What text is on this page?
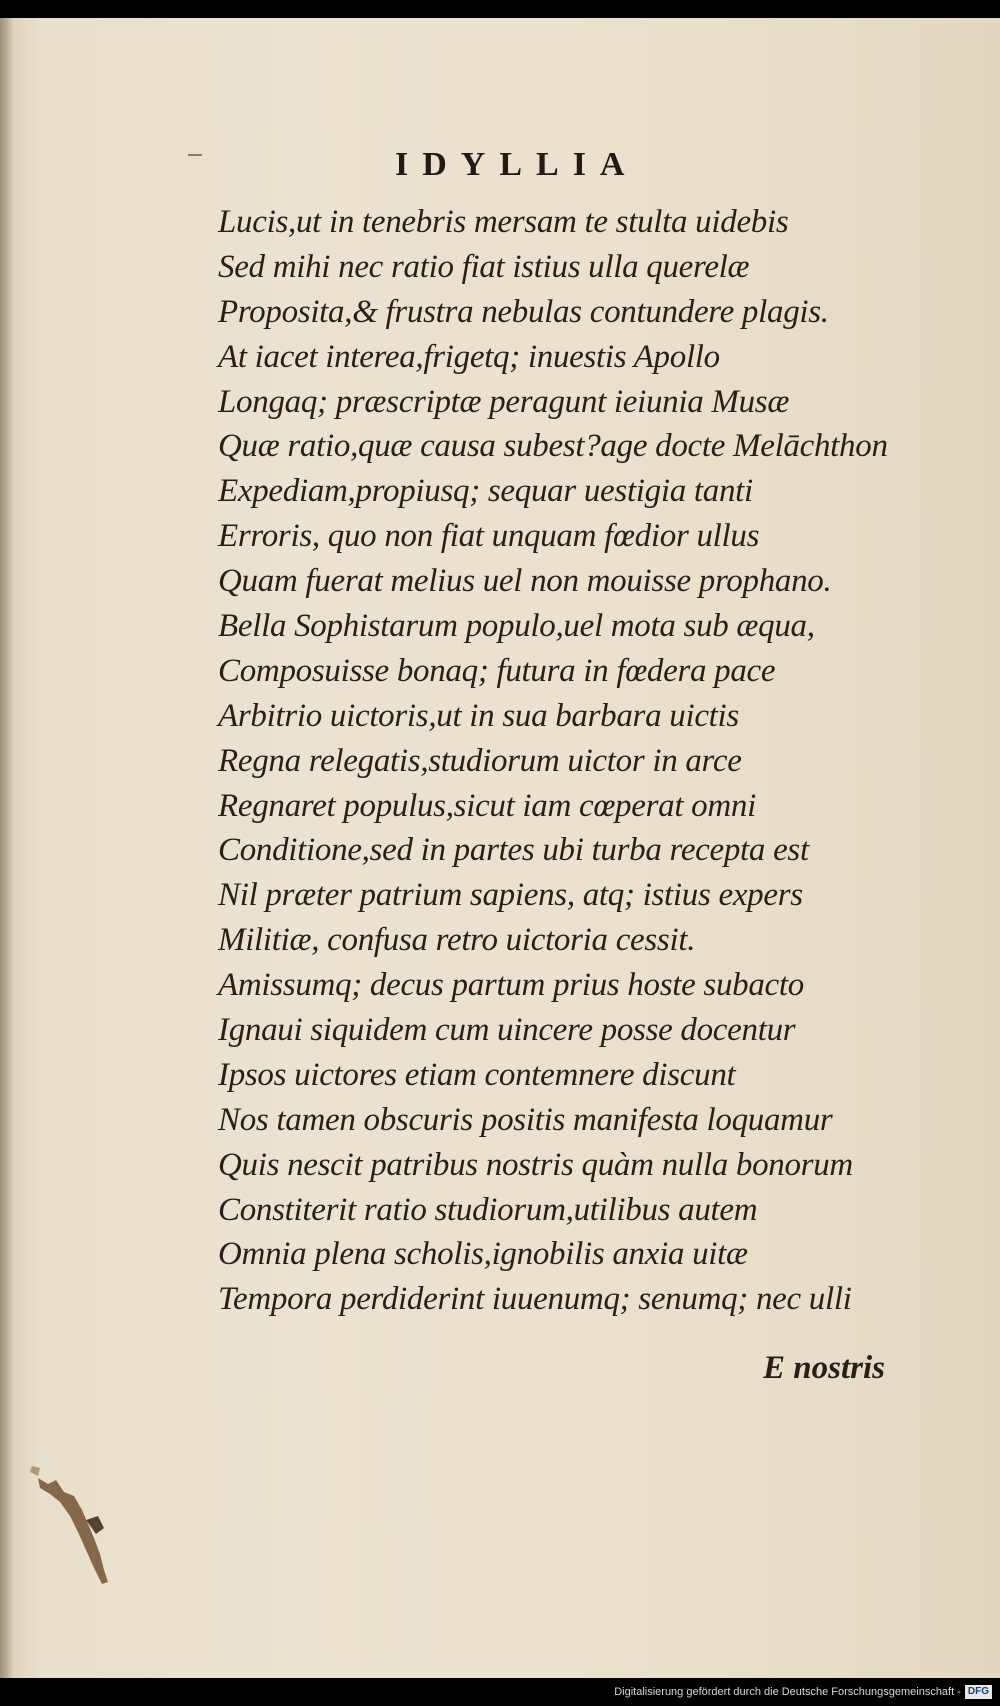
IDYLLIA
Lucis,ut in tenebris mersam te stulta uidebis
Sed mihi nec ratio fiat istius ulla querelæ
Proposita,& frustra nebulas contundere plagis.
At iacet interea,frigetq; inuestis Apollo
Longaq; præscriptæ peragunt ieiunia Musæ
Quæ ratio,quæ causa subest?age docte Melāchthon
Expediam,propiusq; sequar uestigia tanti
Erroris, quo non fiat unquam fœdior ullus
Quam fuerat melius uel non mouisse prophano.
Bella Sophistarum populo,uel mota sub æqua,
Composuisse bonaq; futura in fœdera pace
Arbitrio uictoris,ut in sua barbara uictis
Regna relegatis,studiorum uictor in arce
Regnaret populus,sicut iam cœperat omni
Conditione,sed in partes ubi turba recepta est
Nil præter patrium sapiens, atq; istius expers
Militiæ, confusa retro uictoria cessit.
Amissumq; decus partum prius hoste subacto
Ignaui siquidem cum uincere posse docentur
Ipsos uictores etiam contemnere discunt
Nos tamen obscuris positis manifesta loquamur
Quis nescit patribus nostris quàm nulla bonorum
Constiterit ratio studiorum,utilibus autem
Omnia plena scholis,ignobilis anxia uitæ
Tempora perdiderint iuuenumq; senumq; nec ulli
E nostris
Digitalisierung gefördert durch die Deutsche Forschungsgemeinschaft - DFG
